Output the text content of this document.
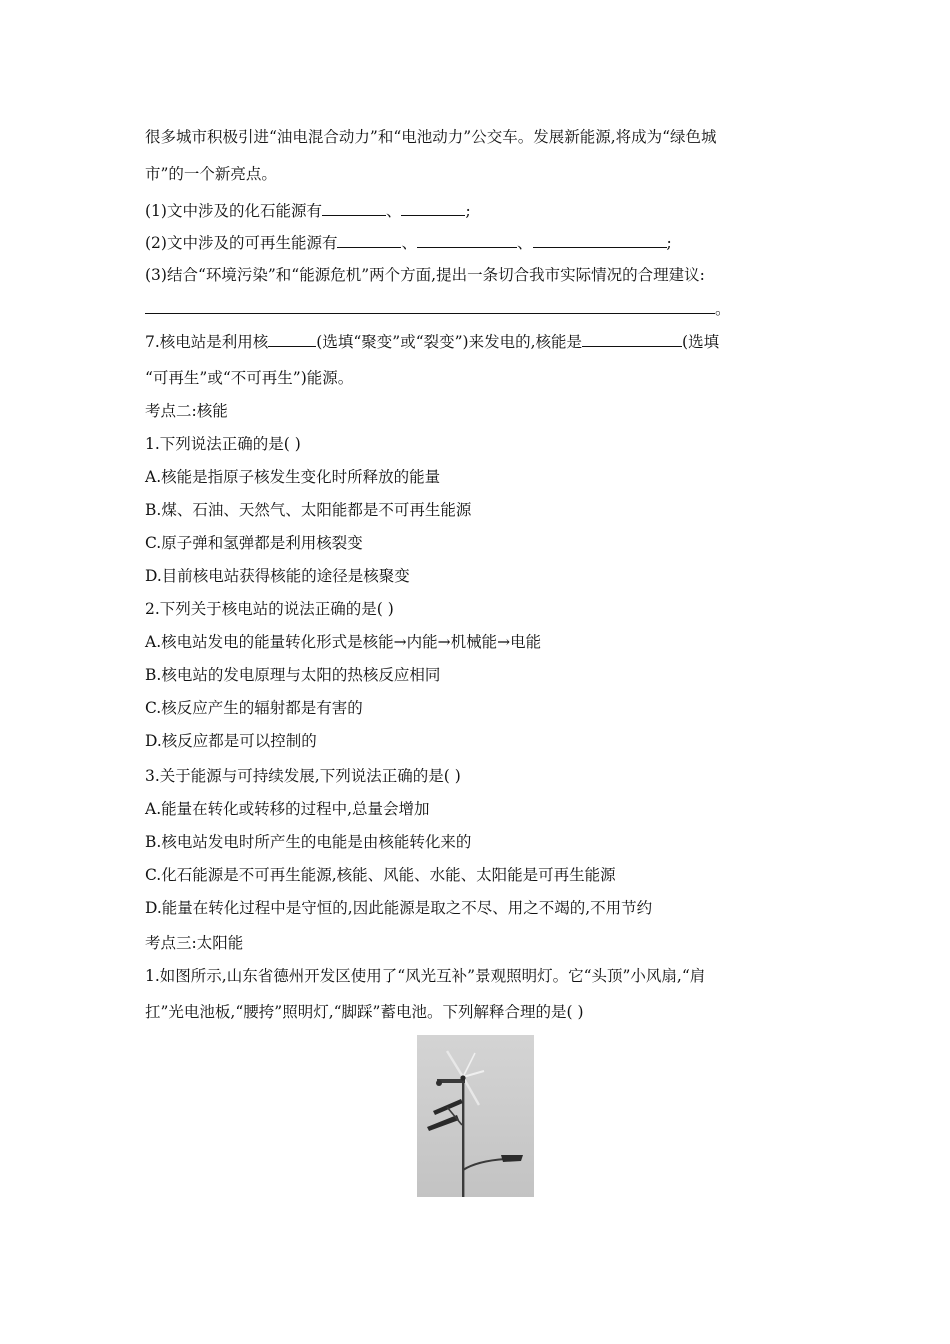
很多城市积极引进“油电混合动力”和“电池动力”公交车。发展新能源,将成为“绿色城
市”的一个新亮点。
(1)文中涉及的化石能源有	、	;
(2)文中涉及的可再生能源有	、	、	;
(3)结合“环境污染”和“能源危机”两个方面,提出一条切合我市实际情况的合理建议:
。
7.核电站是利用核	(选填“聚变”或“裂变”)来发电的,核能是	(选填
“可再生”或“不可再生”)能源。
考点二:核能
1.下列说法正确的是( )
A.核能是指原子核发生变化时所释放的能量
B.煤、石油、天然气、太阳能都是不可再生能源
C.原子弹和氢弹都是利用核裂变
D.目前核电站获得核能的途径是核聚变
2.下列关于核电站的说法正确的是( )
A.核电站发电的能量转化形式是核能→内能→机械能→电能
B.核电站的发电原理与太阳的热核反应相同
C.核反应产生的辐射都是有害的
D.核反应都是可以控制的
3.关于能源与可持续发展,下列说法正确的是( )
A.能量在转化或转移的过程中,总量会增加
B.核电站发电时所产生的电能是由核能转化来的
C.化石能源是不可再生能源,核能、风能、水能、太阳能是可再生能源
D.能量在转化过程中是守恒的,因此能源是取之不尽、用之不竭的,不用节约
考点三:太阳能
1.如图所示,山东省德州开发区使用了“风光互补”景观照明灯。它“头顶”小风扇,“肩
扛”光电池板,“腰挎”照明灯,“脚踩”蓄电池。下列解释合理的是( )
